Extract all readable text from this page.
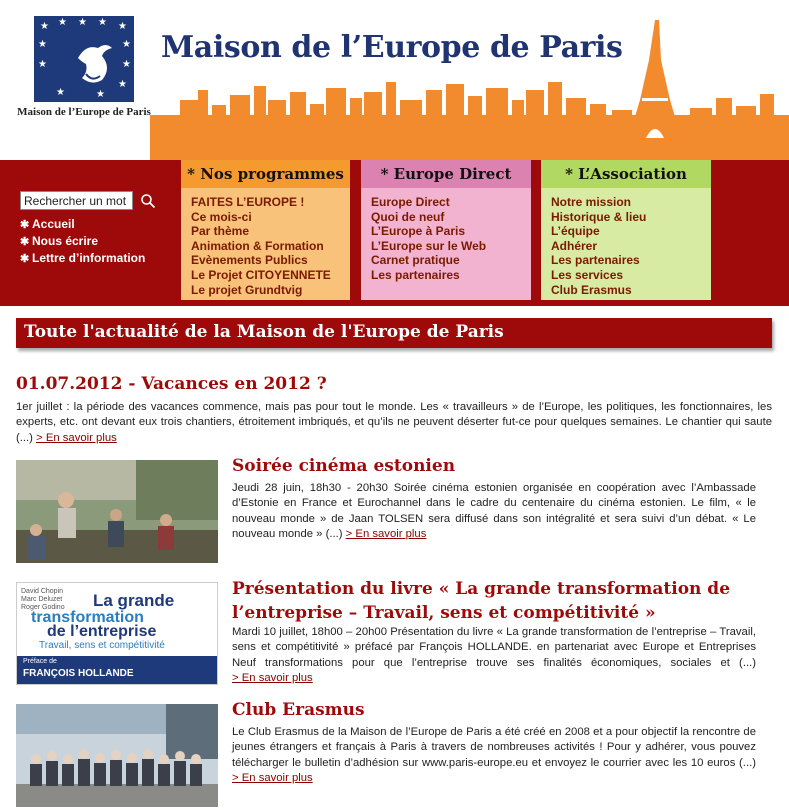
★ ★ ★ ★ ★
★
★
★
★
★
★	★
Maison de l’Europe de Paris
Maison de l’Europe de Paris
Rechercher un mot
✱ Accueil
✱ Nous écrire
✱ Lettre d’information
* Nos programmes
FAITES L’EUROPE !
Ce mois-ci
Par thème
Animation & Formation
Evènements Publics
Le Projet CITOYENNETE
Le projet Grundtvig
* Europe Direct
Europe Direct
Quoi de neuf
L’Europe à Paris
L’Europe sur le Web
Carnet pratique
Les partenaires
* L’Association
Notre mission
Historique & lieu
L’équipe
Adhérer
Les partenaires
Les services
Club Erasmus
Toute l'actualité de la Maison de l'Europe de Paris
01.07.2012 - Vacances en 2012 ?
1er juillet : la période des vacances commence, mais pas pour tout le monde. Les « travailleurs » de l’Europe, les politiques, les fonctionnaires, les experts, etc. ont devant eux trois chantiers, étroitement imbriqués, et qu’ils ne peuvent déserter fut-ce pour quelques semaines. Le chantier qui saute (...) > En savoir plus
Soirée cinéma estonien
Jeudi 28 juin, 18h30 - 20h30 Soirée cinéma estonien organisée en coopération avec l’Ambassade d’Estonie en France et Eurochannel dans le cadre du centenaire du cinéma estonien. Le film, « le nouveau monde » de Jaan TOLSEN sera diffusé dans son intégralité et sera suivi d’un débat. « Le nouveau monde » (...) > En savoir plus
David Chopin
Marc Deluzet
Roger Godino La grande
transformation
de l’entreprise
Travail, sens et compétitivité
Préface de
FRANÇOIS HOLLANDE
Présentation du livre « La grande transformation de
l’entreprise – Travail, sens et compétitivité »
Mardi 10 juillet, 18h00 – 20h00 Présentation du livre « La grande transformation de l’entreprise – Travail, sens et compétitivité » préfacé par François HOLLANDE. en partenariat avec Europe et Entreprises Neuf transformations pour que l’entreprise trouve ses finalités économiques, sociales et (...) > En savoir plus
Club Erasmus
Le Club Erasmus de la Maison de l’Europe de Paris a été créé en 2008 et a pour objectif la rencontre de jeunes étrangers et français à Paris à travers de nombreuses activités ! Pour y adhérer, vous pouvez télécharger le bulletin d’adhésion sur www.paris-europe.eu et envoyez le courrier avec les 10 euros (...) > En savoir plus
